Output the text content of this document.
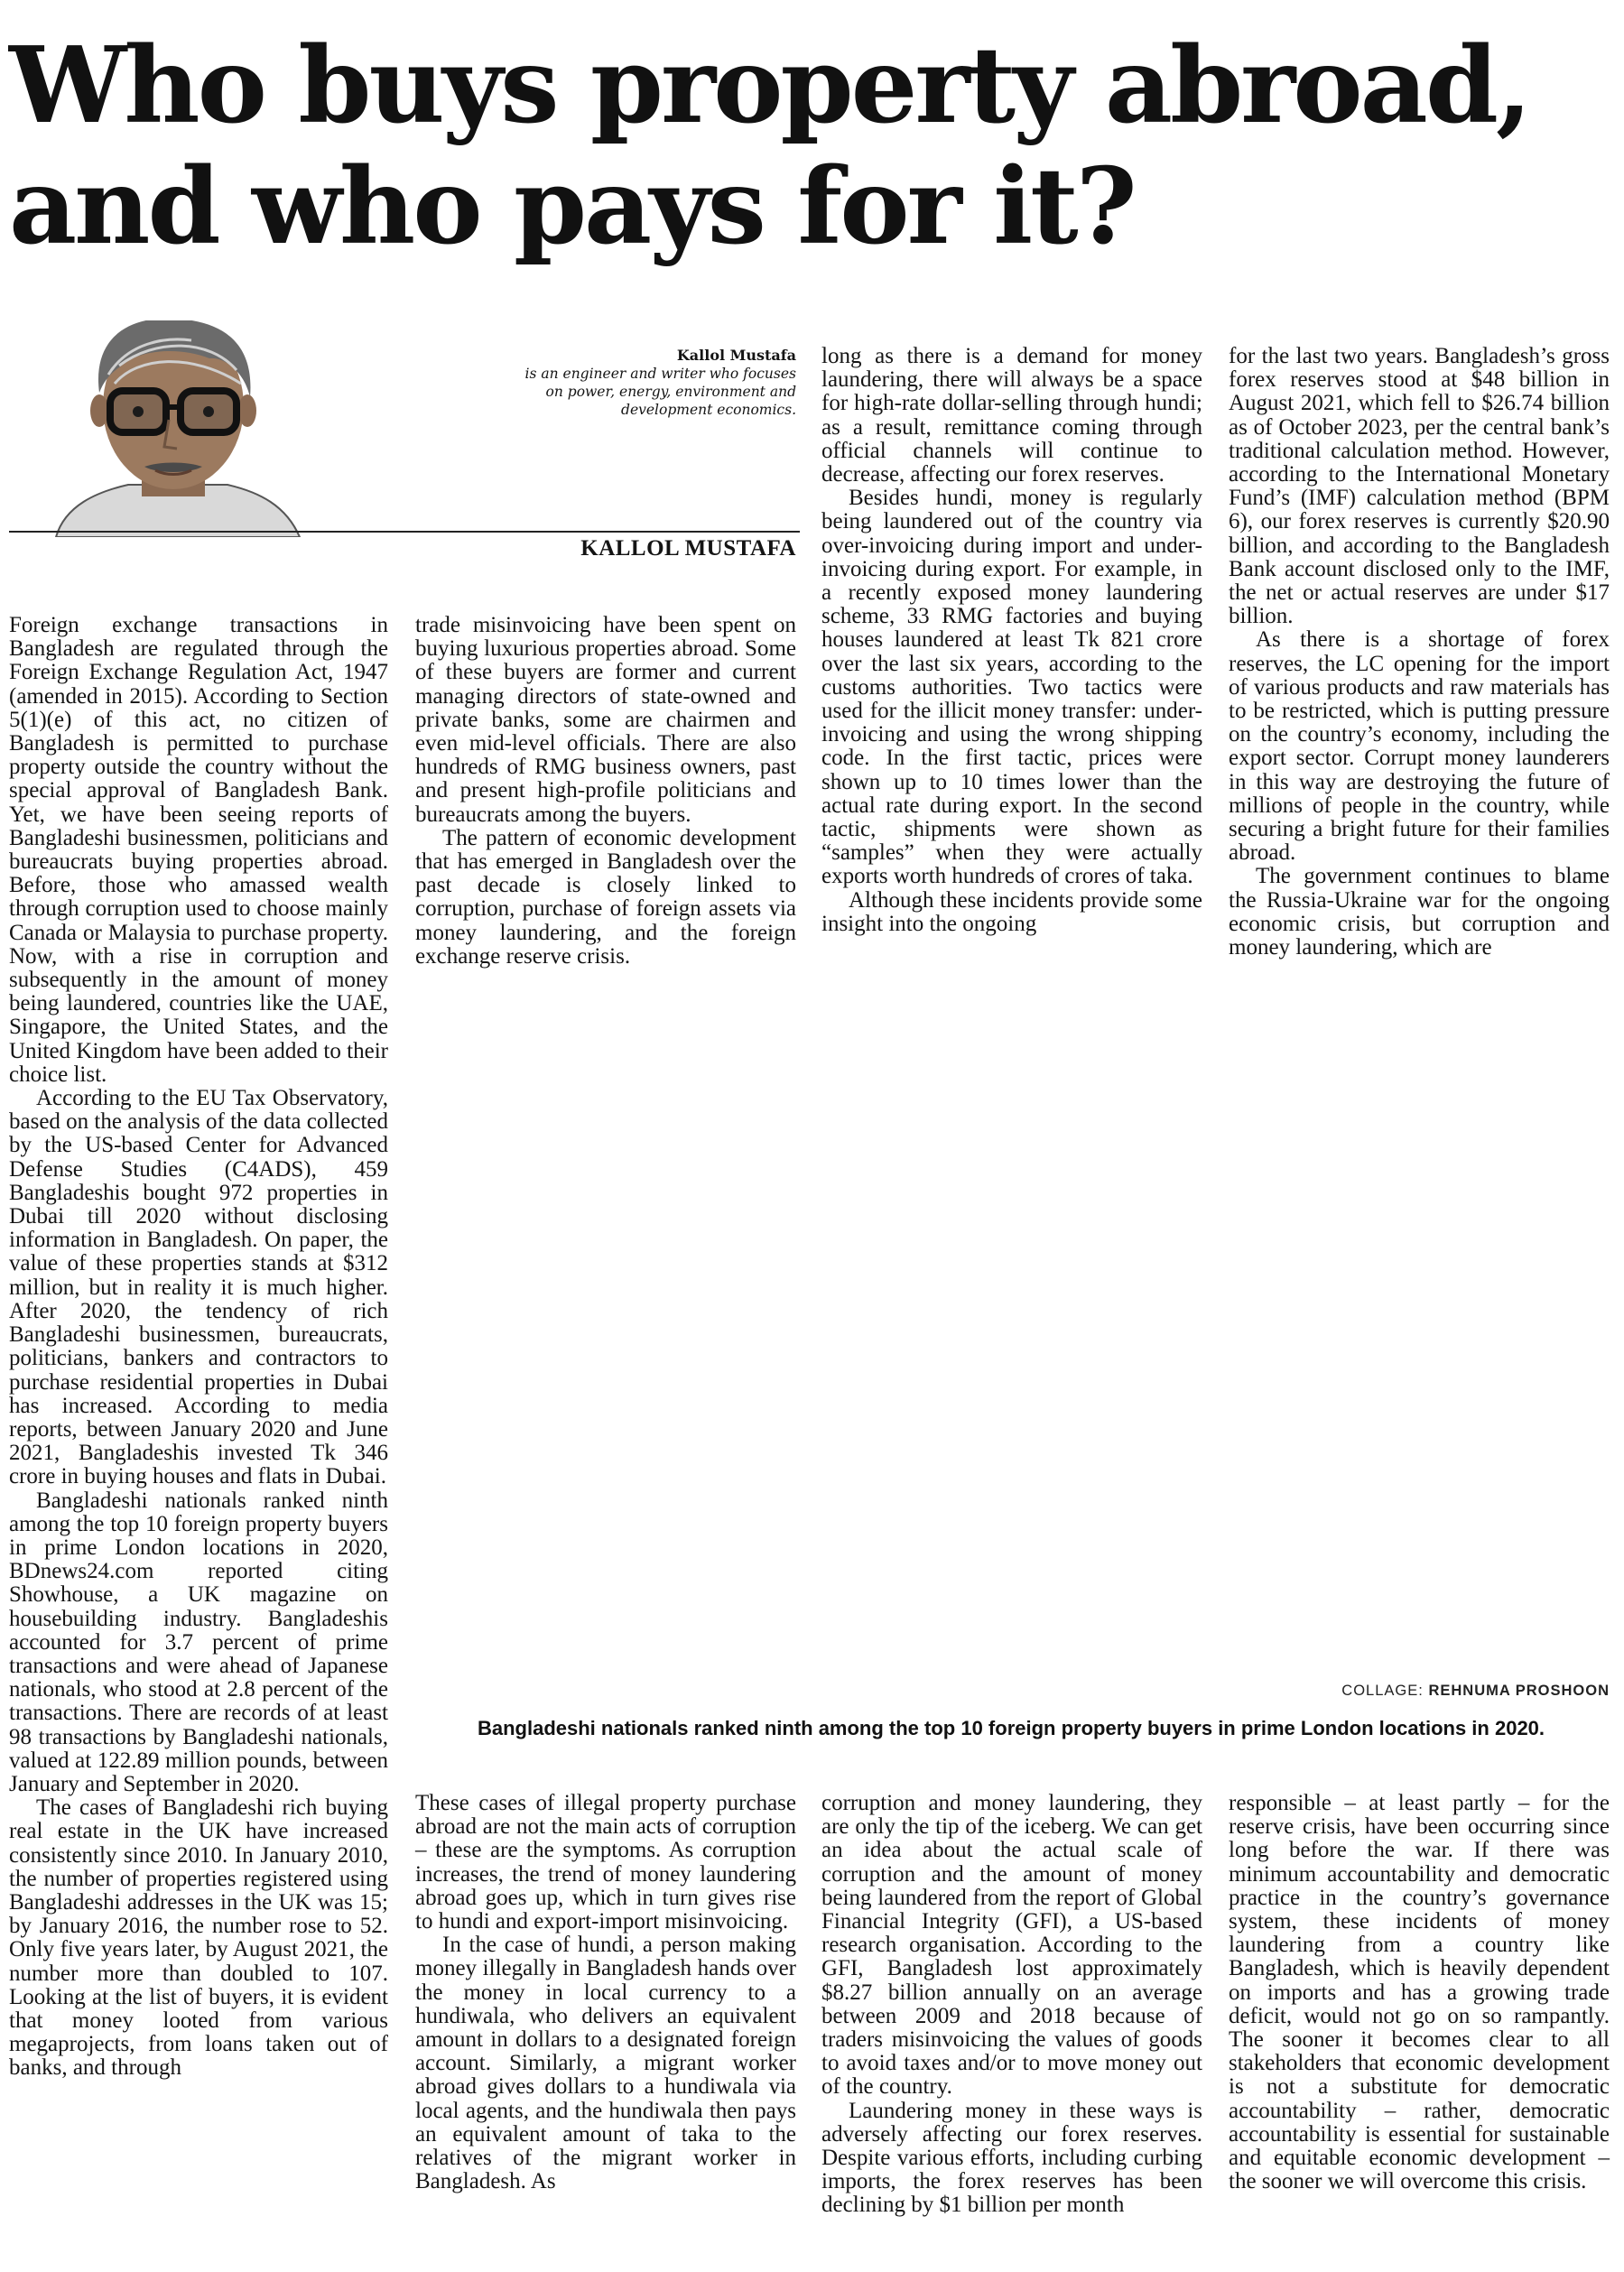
Who buys property abroad, and who pays for it?
Kallol Mustafa
is an engineer and writer who focuses on power, energy, environment and development economics.
KALLOL MUSTAFA

Foreign exchange transactions in Bangladesh are regulated through the Foreign Exchange Regulation Act, 1947 (amended in 2015). According to Section 5(1)(e) of this act, no citizen of Bangladesh is permitted to purchase property outside the country without the special approval of Bangladesh Bank. Yet, we have been seeing reports of Bangladeshi businessmen, politicians and bureaucrats buying properties abroad. Before, those who amassed wealth through corruption used to choose mainly Canada or Malaysia to purchase property. Now, with a rise in corruption and subsequently in the amount of money being laundered, countries like the UAE, Singapore, the United States, and the United Kingdom have been added to their choice list.

According to the EU Tax Observatory, based on the analysis of the data collected by the US-based Center for Advanced Defense Studies (C4ADS), 459 Bangladeshis bought 972 properties in Dubai till 2020 without disclosing information in Bangladesh. On paper, the value of these properties stands at $312 million, but in reality it is much higher. After 2020, the tendency of rich Bangladeshi businessmen, bureaucrats, politicians, bankers and contractors to purchase residential properties in Dubai has increased. According to media reports, between January 2020 and June 2021, Bangladeshis invested Tk 346 crore in buying houses and flats in Dubai.

Bangladeshi nationals ranked ninth among the top 10 foreign property buyers in prime London locations in 2020, BDnews24.com reported citing Showhouse, a UK magazine on housebuilding industry. Bangladeshis accounted for 3.7 percent of prime transactions and were ahead of Japanese nationals, who stood at 2.8 percent of the transactions. There are records of at least 98 transactions by Bangladeshi nationals, valued at 122.89 million pounds, between January and September in 2020.

The cases of Bangladeshi rich buying real estate in the UK have increased consistently since 2010. In January 2010, the number of properties registered using Bangladeshi addresses in the UK was 15; by January 2016, the number rose to 52. Only five years later, by August 2021, the number more than doubled to 107. Looking at the list of buyers, it is evident that money looted from various megaprojects, from loans taken out of banks, and through

trade misinvoicing have been spent on buying luxurious properties abroad. Some of these buyers are former and current managing directors of state-owned and private banks, some are chairmen and even mid-level officials. There are also hundreds of RMG business owners, past and present high-profile politicians and bureaucrats among the buyers.

The pattern of economic development that has emerged in Bangladesh over the past decade is closely linked to corruption, purchase of foreign assets via money laundering, and the foreign exchange reserve crisis.

long as there is a demand for money laundering, there will always be a space for high-rate dollar-selling through hundi; as a result, remittance coming through official channels will continue to decrease, affecting our forex reserves.

Besides hundi, money is regularly being laundered out of the country via over-invoicing during import and under-invoicing during export. For example, in a recently exposed money laundering scheme, 33 RMG factories and buying houses laundered at least Tk 821 crore over the last six years, according to the customs authorities. Two tactics were used for the illicit money transfer: under-invoicing and using the wrong shipping code. In the first tactic, prices were shown up to 10 times lower than the actual rate during export. In the second tactic, shipments were shown as “samples” when they were actually exports worth hundreds of crores of taka.

Although these incidents provide some insight into the ongoing

for the last two years. Bangladesh’s gross forex reserves stood at $48 billion in August 2021, which fell to $26.74 billion as of October 2023, per the central bank’s traditional calculation method. However, according to the International Monetary Fund’s (IMF) calculation method (BPM 6), our forex reserves is currently $20.90 billion, and according to the Bangladesh Bank account disclosed only to the IMF, the net or actual reserves are under $17 billion.

As there is a shortage of forex reserves, the LC opening for the import of various products and raw materials has to be restricted, which is putting pressure on the country’s economy, including the export sector. Corrupt money launderers in this way are destroying the future of millions of people in the country, while securing a bright future for their families abroad.

The government continues to blame the Russia-Ukraine war for the ongoing economic crisis, but corruption and money laundering, which are

COLLAGE: REHNUMA PROSHOON
Bangladeshi nationals ranked ninth among the top 10 foreign property buyers in prime London locations in 2020.

These cases of illegal property purchase abroad are not the main acts of corruption – these are the symptoms. As corruption increases, the trend of money laundering abroad goes up, which in turn gives rise to hundi and export-import misinvoicing.

In the case of hundi, a person making money illegally in Bangladesh hands over the money in local currency to a hundiwala, who delivers an equivalent amount in dollars to a designated foreign account. Similarly, a migrant worker abroad gives dollars to a hundiwala via local agents, and the hundiwala then pays an equivalent amount of taka to the relatives of the migrant worker in Bangladesh. As

corruption and money laundering, they are only the tip of the iceberg. We can get an idea about the actual scale of corruption and the amount of money being laundered from the report of Global Financial Integrity (GFI), a US-based research organisation. According to the GFI, Bangladesh lost approximately $8.27 billion annually on an average between 2009 and 2018 because of traders misinvoicing the values of goods to avoid taxes and/or to move money out of the country.

Laundering money in these ways is adversely affecting our forex reserves. Despite various efforts, including curbing imports, the forex reserves has been declining by $1 billion per month

responsible – at least partly – for the reserve crisis, have been occurring since long before the war. If there was minimum accountability and democratic practice in the country’s governance system, these incidents of money laundering from a country like Bangladesh, which is heavily dependent on imports and has a growing trade deficit, would not go on so rampantly. The sooner it becomes clear to all stakeholders that economic development is not a substitute for democratic accountability – rather, democratic accountability is essential for sustainable and equitable economic development – the sooner we will overcome this crisis.
